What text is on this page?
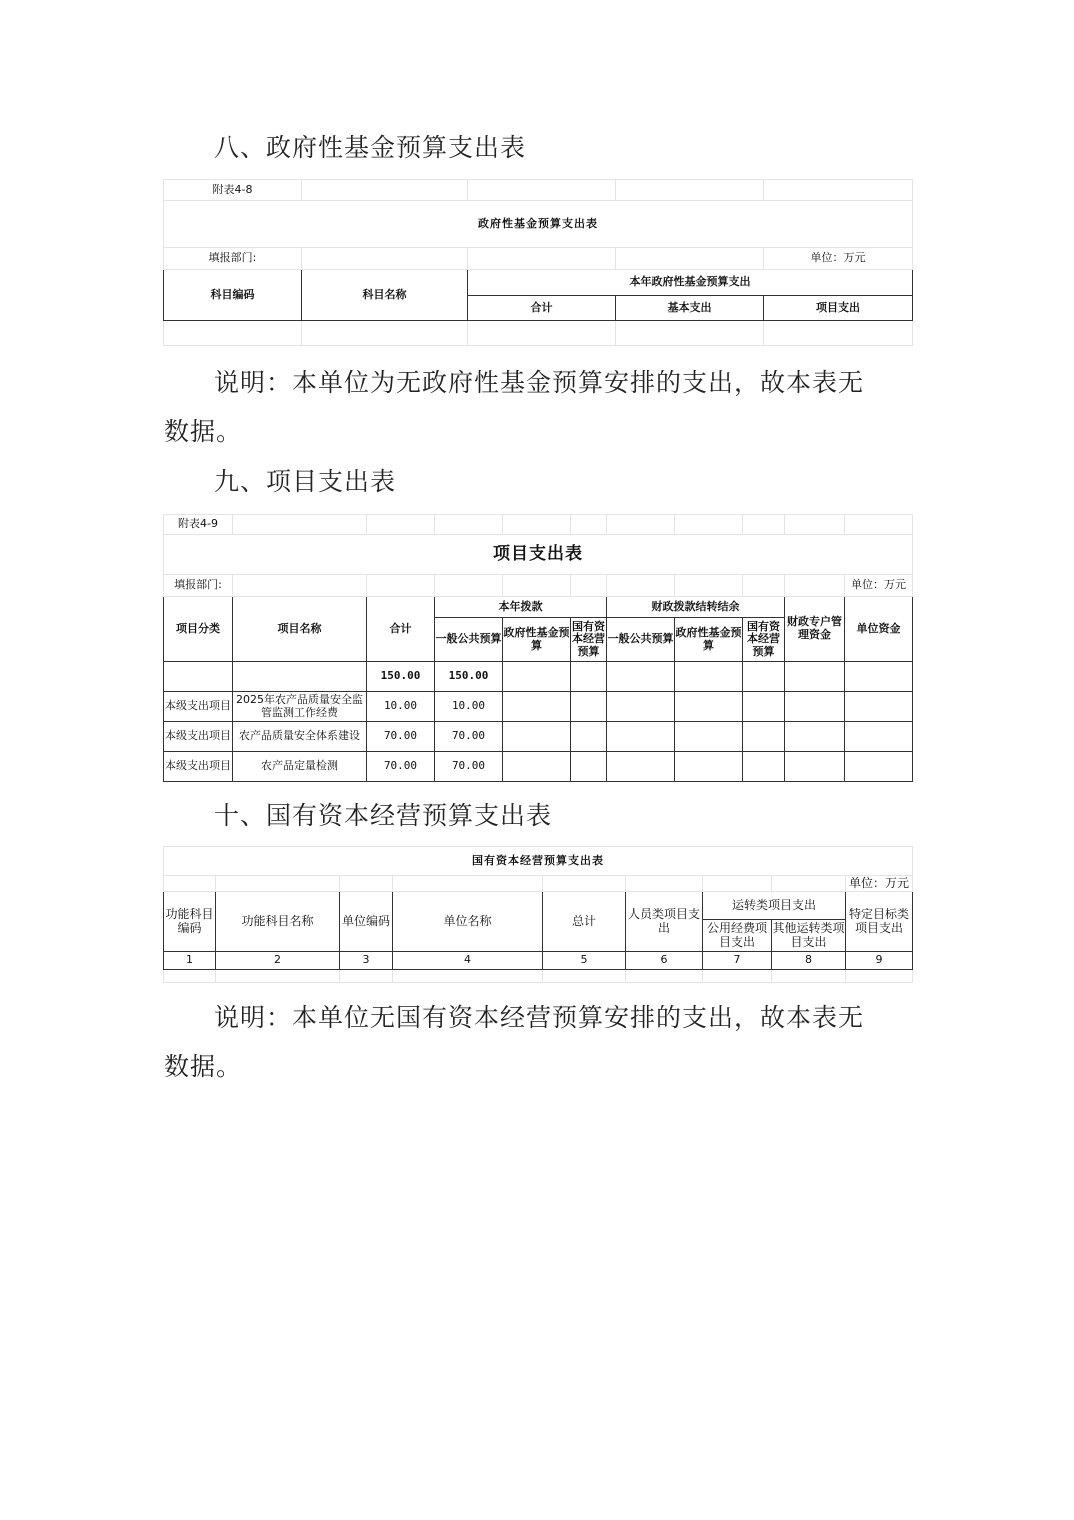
八、政府性基金预算支出表
附表4-8				
政府性基金预算支出表				
填报部门:				单位：万元
科目编码	科目名称	本年政府性基金预算支出		
		合计	基本支出	项目支出

说明：本单位为无政府性基金预算安排的支出，故本表无数据。

九、项目支出表
附表4-9										
项目支出表										
填报部门:										单位：万元
项目分类	项目名称	合计	本年拨款			财政拨款结转结余			财政专户管理资金	单位资金
			一般公共预算	政府性基金预算	国有资本经营预算	一般公共预算	政府性基金预算	国有资本经营预算		
		150.00	150.00							
本级支出项目	2025年农产品质量安全监管监测工作经费	10.00	10.00							
本级支出项目	农产品质量安全体系建设	70.00	70.00							
本级支出项目	农产品定量检测	70.00	70.00							
十、国有资本经营预算支出表
国有资本经营预算支出表								
								单位：万元
功能科目编码	功能科目名称	单位编码	单位名称	总计	人员类项目支出	运转类项目支出		特定目标类项目支出
						公用经费项目支出	其他运转类项目支出	
1	2	3	4	5	6	7	8	9

说明：本单位无国有资本经营预算安排的支出，故本表无数据。
